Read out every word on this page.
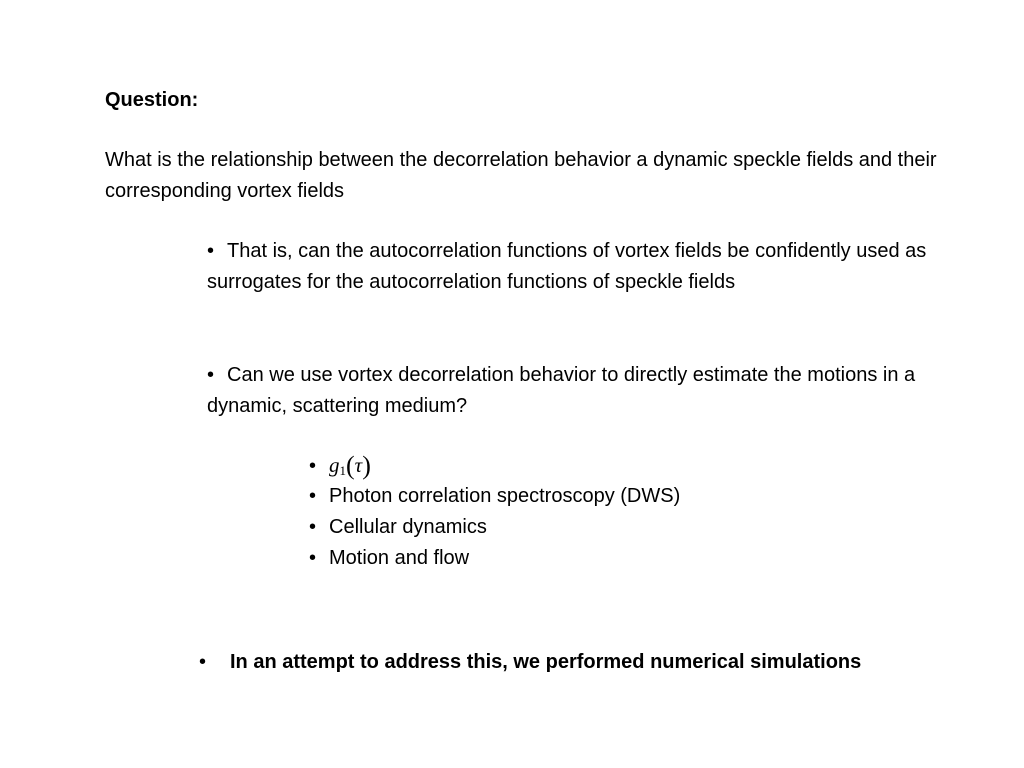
Question:
What is the relationship between the decorrelation behavior a dynamic speckle fields and their corresponding vortex fields
• That is, can the autocorrelation functions of vortex fields be confidently used as surrogates for the autocorrelation functions of speckle fields
• Can we use vortex decorrelation behavior to directly estimate the motions in a dynamic, scattering medium?
• $g_1(\tau)$
• Photon correlation spectroscopy (DWS)
• Cellular dynamics
• Motion and flow
• In an attempt to address this, we performed numerical simulations
